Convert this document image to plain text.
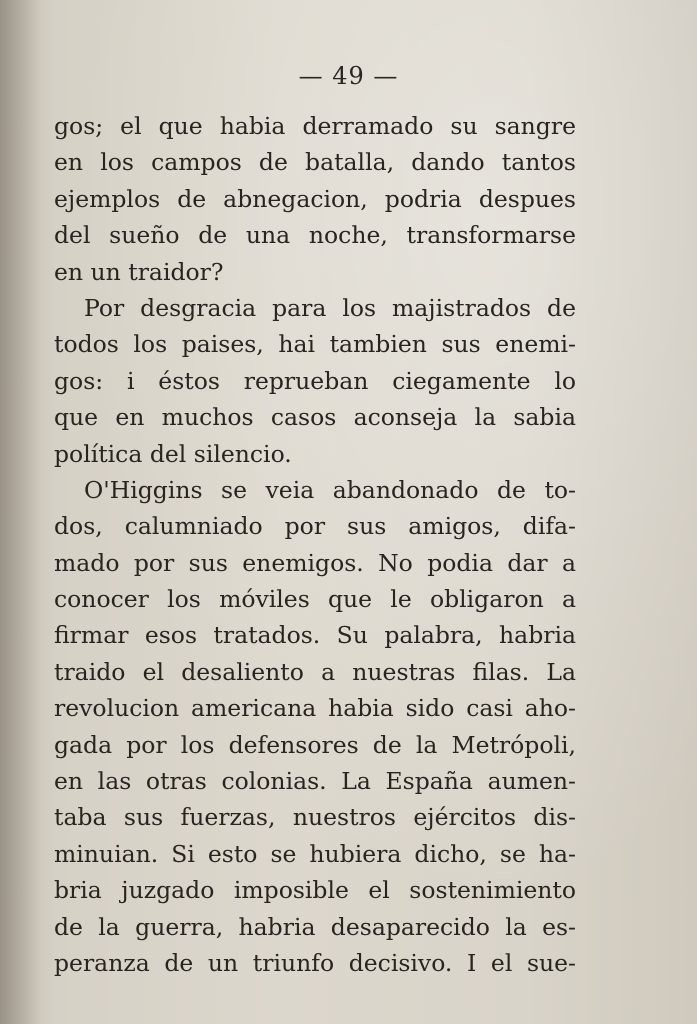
— 49 —
gos; el que habia derramado su sangre
en los campos de batalla, dando tantos
ejemplos de abnegacion, podria despues
del sueño de una noche, transformarse
en un traidor?
Por desgracia para los majistrados de
todos los paises, hai tambien sus enemi-
gos: i éstos reprueban ciegamente lo
que en muchos casos aconseja la sabia
política del silencio.
O'Higgins se veia abandonado de to-
dos, calumniado por sus amigos, difa-
mado por sus enemigos. No podia dar a
conocer los móviles que le obligaron a
firmar esos tratados. Su palabra, habria
traido el desaliento a nuestras filas. La
revolucion americana habia sido casi aho-
gada por los defensores de la Metrópoli,
en las otras colonias. La España aumen-
taba sus fuerzas, nuestros ejércitos dis-
minuian. Si esto se hubiera dicho, se ha-
bria juzgado imposible el sostenimiento
de la guerra, habria desaparecido la es-
peranza de un triunfo decisivo. I el sue-
